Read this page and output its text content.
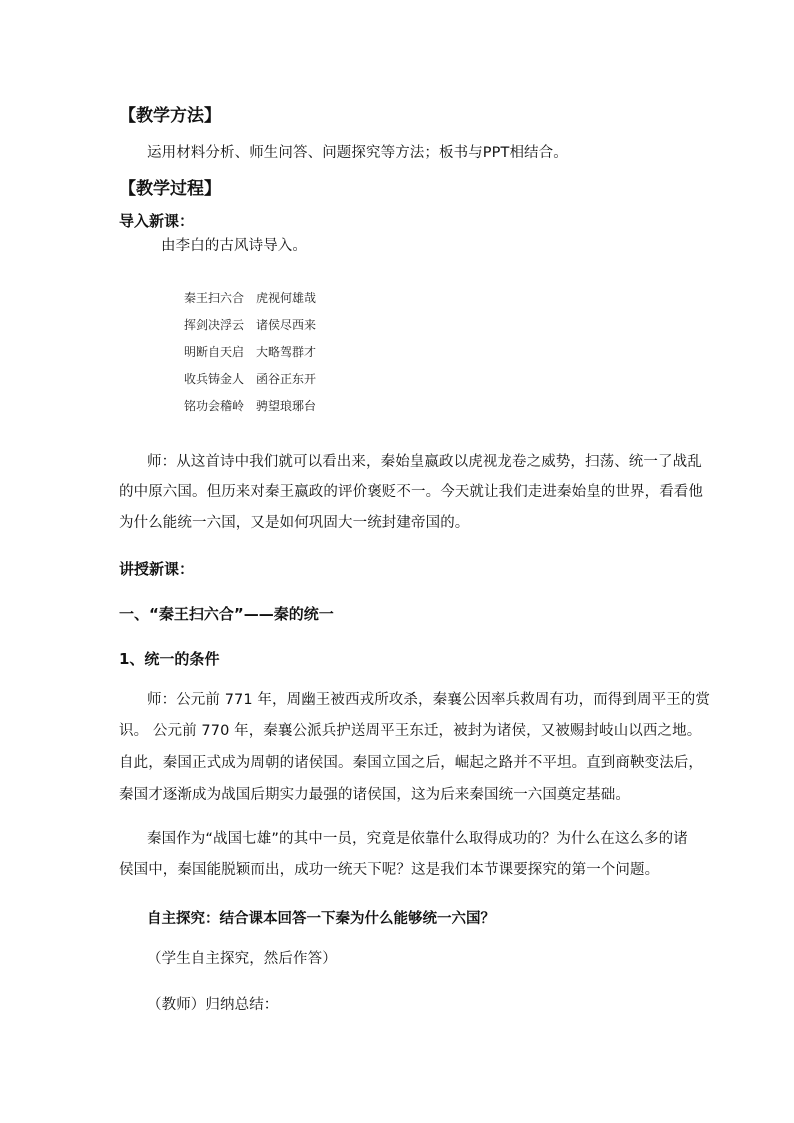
【教学方法】
运用材料分析、师生问答、问题探究等方法；板书与PPT相结合。
【教学过程】
导入新课：
由李白的古风诗导入。
秦王扫六合 虎视何雄哉
挥剑决浮云 诸侯尽西来
明断自天启 大略驾群才
收兵铸金人 函谷正东开
铭功会稽岭 骋望琅琊台
师：从这首诗中我们就可以看出来，秦始皇嬴政以虎视龙卷之威势，扫荡、统一了战乱
的中原六国。但历来对秦王嬴政的评价褒贬不一。今天就让我们走进秦始皇的世界，看看他
为什么能统一六国，又是如何巩固大一统封建帝国的。
讲授新课：
一、“秦王扫六合”——秦的统一
1、统一的条件
师：公元前 771 年，周幽王被西戎所攻杀，秦襄公因率兵救周有功，而得到周平王的赏
识。 公元前 770 年，秦襄公派兵护送周平王东迁，被封为诸侯，又被赐封岐山以西之地。
自此，秦国正式成为周朝的诸侯国。秦国立国之后，崛起之路并不平坦。直到商鞅变法后，
秦国才逐渐成为战国后期实力最强的诸侯国，这为后来秦国统一六国奠定基础。
秦国作为“战国七雄”的其中一员，究竟是依靠什么取得成功的？为什么在这么多的诸
侯国中，秦国能脱颖而出，成功一统天下呢？这是我们本节课要探究的第一个问题。
自主探究：结合课本回答一下秦为什么能够统一六国？
（学生自主探究，然后作答）
（教师）归纳总结：
